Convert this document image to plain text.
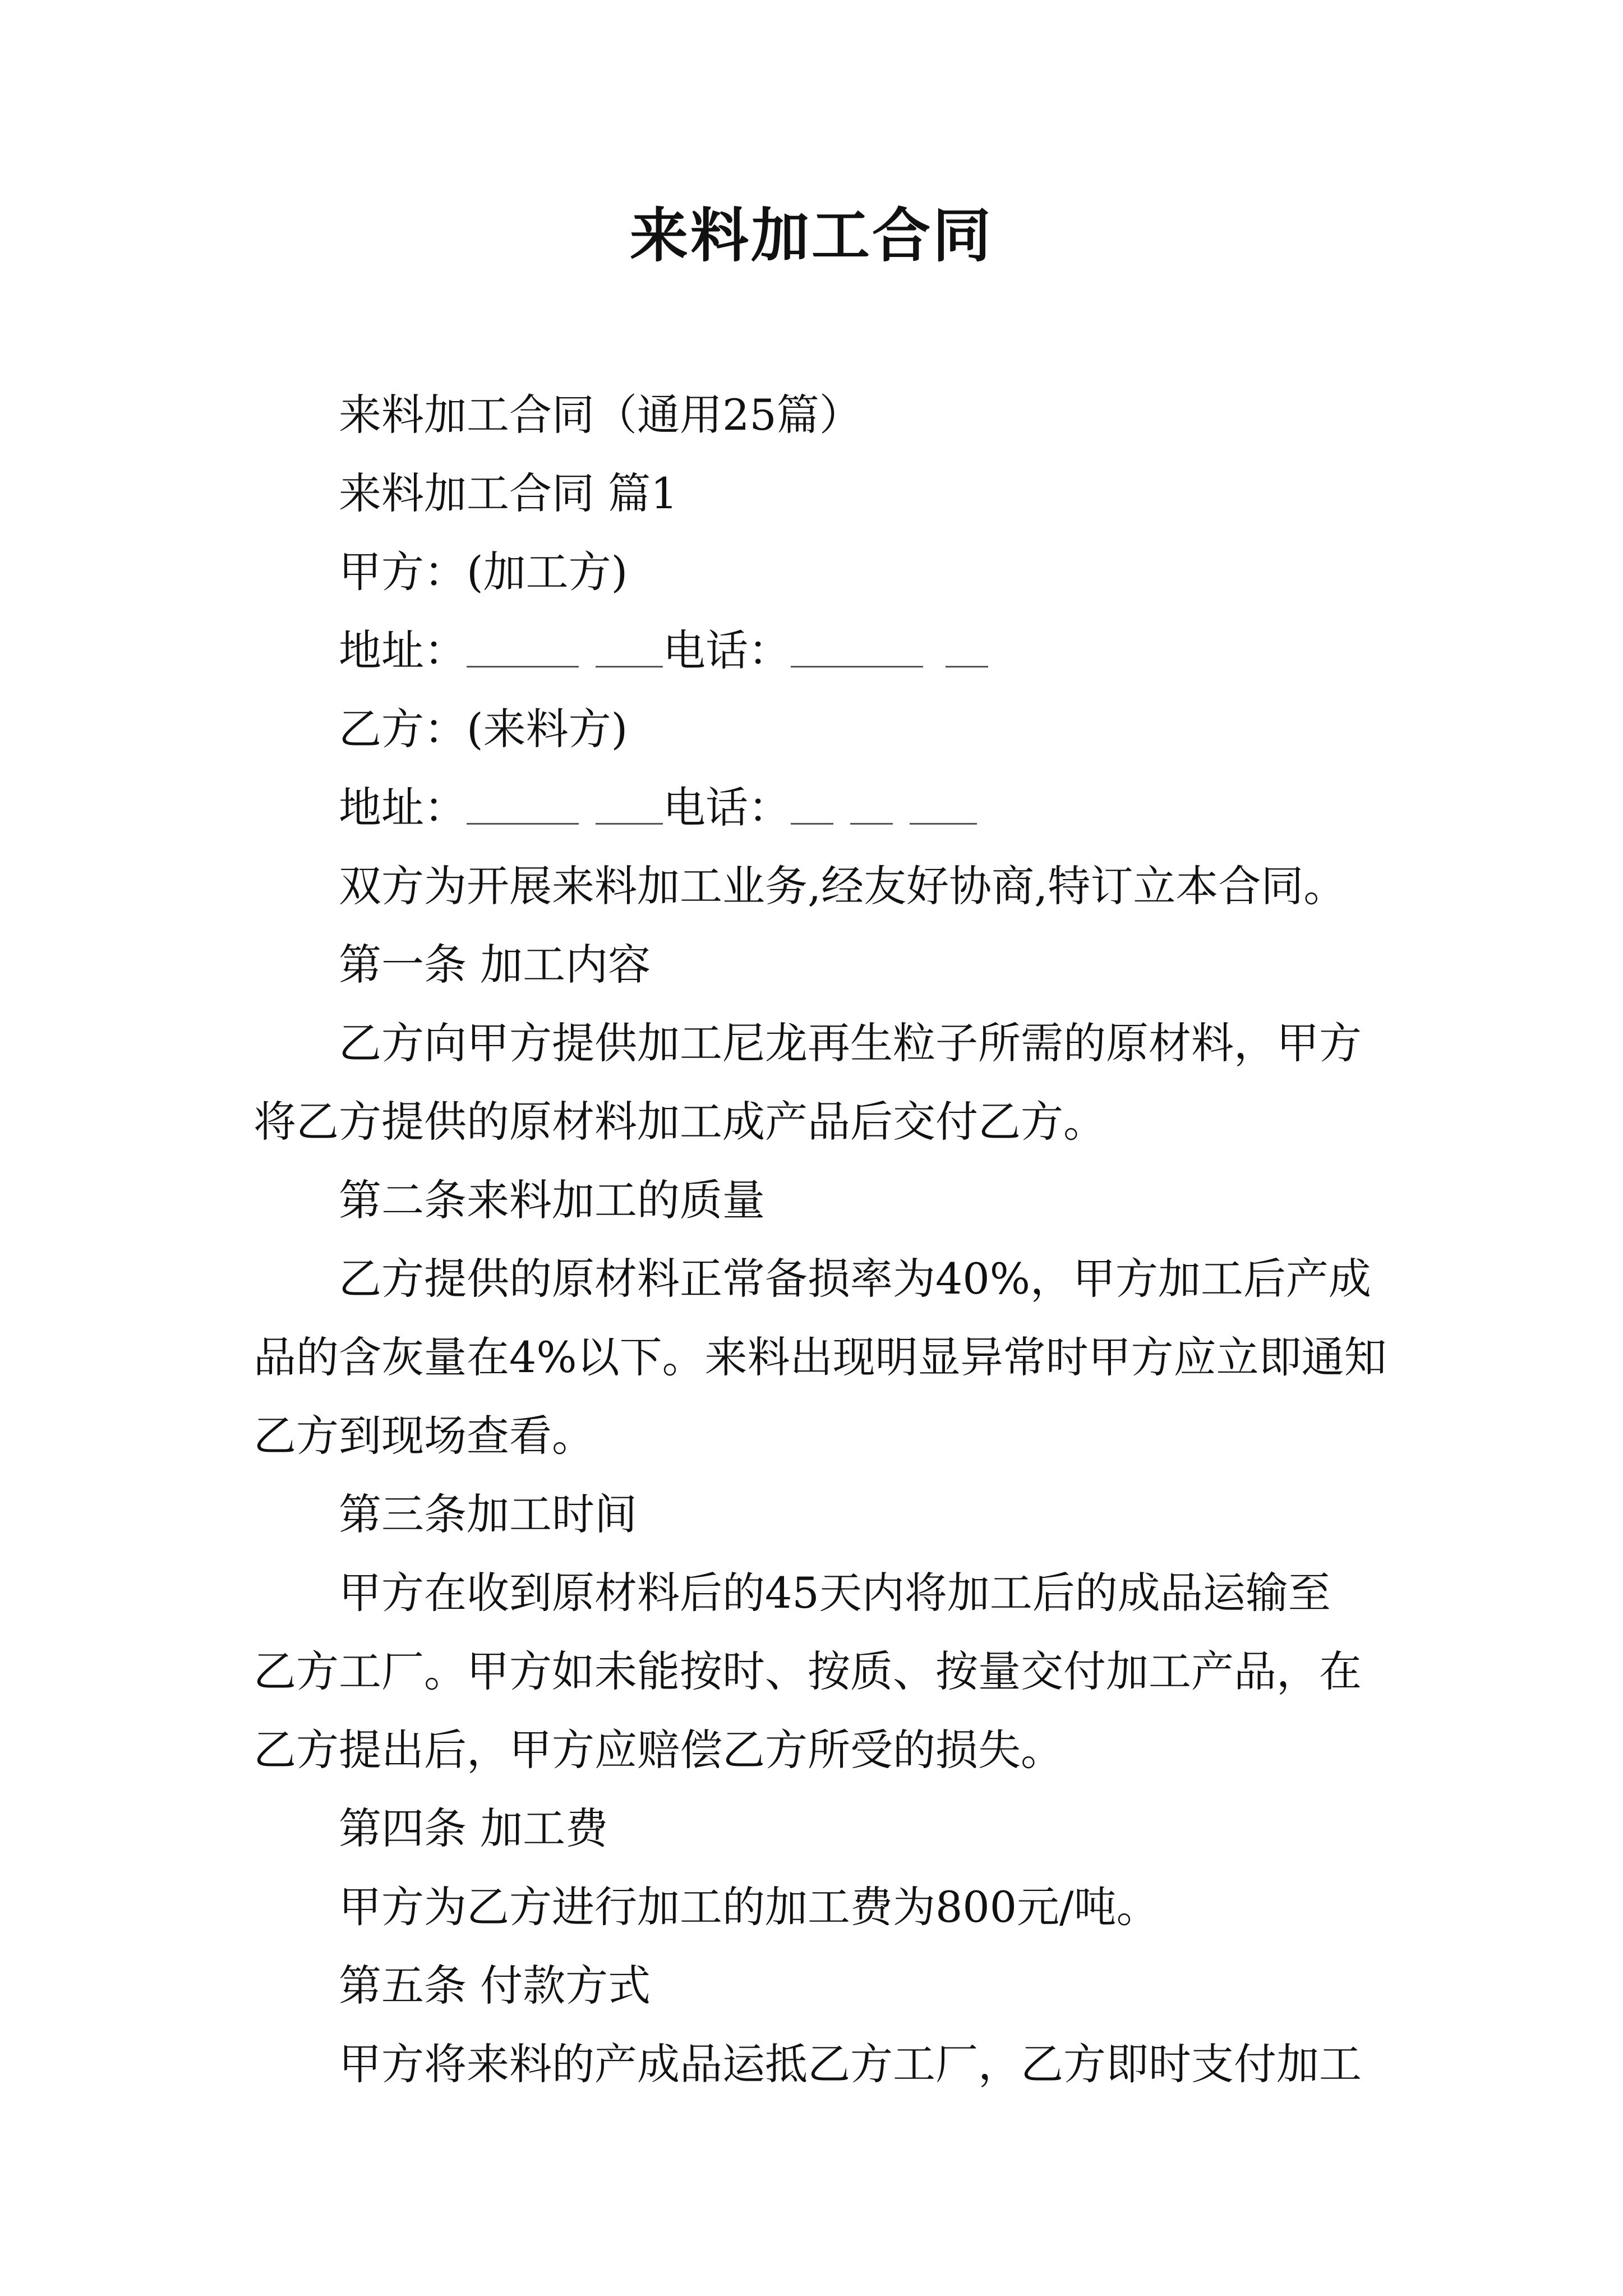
来料加工合同
来料加工合同（通用25篇）
来料加工合同 篇1
甲方：(加工方)
地址：	电话：
乙方：(来料方)
地址：	电话：
双方为开展来料加工业务,经友好协商,特订立本合同。
第一条 加工内容
乙方向甲方提供加工尼龙再生粒子所需的原材料，甲方
将乙方提供的原材料加工成产品后交付乙方。
第二条来料加工的质量
乙方提供的原材料正常备损率为40%，甲方加工后产成
品的含灰量在4%以下。来料出现明显异常时甲方应立即通知
乙方到现场查看。
第三条加工时间
甲方在收到原材料后的45天内将加工后的成品运输至
乙方工厂。甲方如未能按时、按质、按量交付加工产品，在
乙方提出后，甲方应赔偿乙方所受的损失。
第四条 加工费
甲方为乙方进行加工的加工费为800元/吨。
第五条 付款方式
甲方将来料的产成品运抵乙方工厂，乙方即时支付加工
